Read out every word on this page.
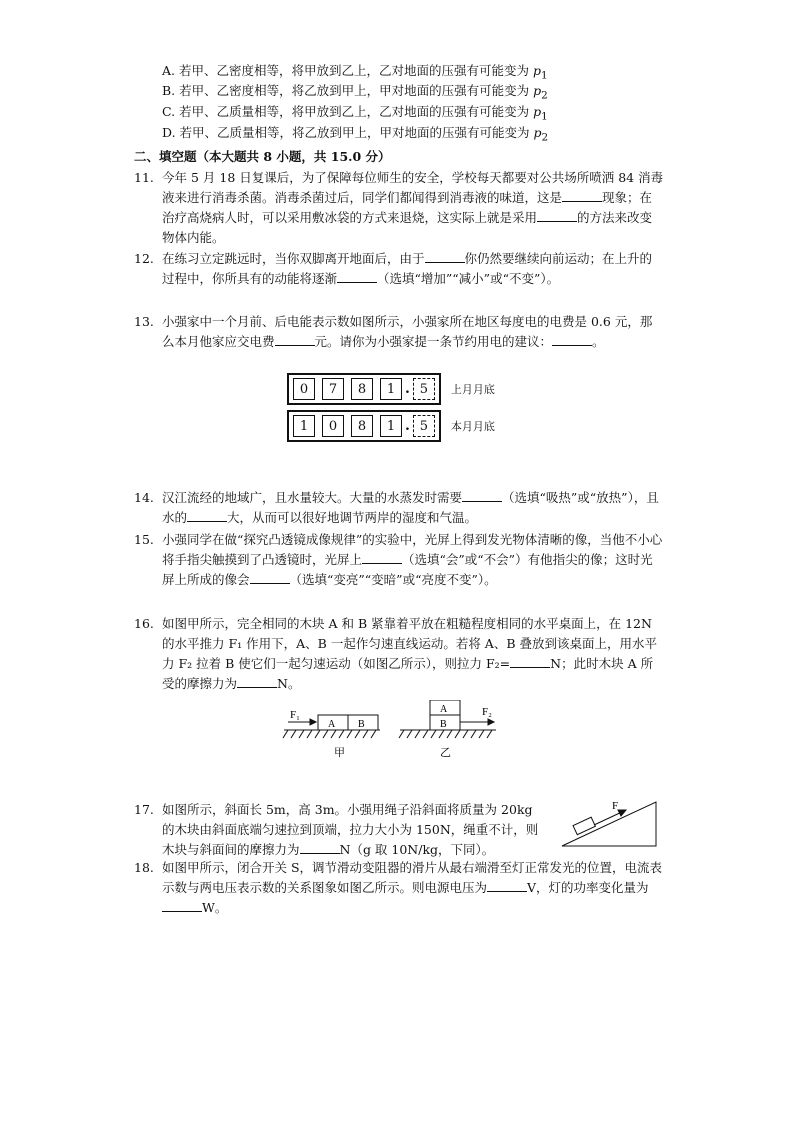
A. 若甲、乙密度相等，将甲放到乙上，乙对地面的压强有可能变为 $p_1$
B. 若甲、乙密度相等，将乙放到甲上，甲对地面的压强有可能变为 $p_2$
C. 若甲、乙质量相等，将甲放到乙上，乙对地面的压强有可能变为 $p_1$
D. 若甲、乙质量相等，将乙放到甲上，甲对地面的压强有可能变为 $p_2$
二、填空题（本大题共 8 小题，共 15.0 分）
11. 今年 5 月 18 日复课后，为了保障每位师生的安全，学校每天都要对公共场所喷洒 84 消毒液来进行消毒杀菌。消毒杀菌过后，同学们都闻得到消毒液的味道，这是	现象；在治疗高烧病人时，可以采用敷冰袋的方式来退烧，这实际上就是采用	的方法来改变物体内能。
12. 在练习立定跳远时，当你双脚离开地面后，由于	你仍然要继续向前运动；在上升的过程中，你所具有的动能将逐渐	（选填“增加”“减小”或“不变”）。
13. 小强家中一个月前、后电能表示数如图所示，小强家所在地区每度电的电费是 0.6 元，那么本月他家应交电费	元。请你为小强家提一条节约用电的建议：	。
0	7	8	1 . 5	上月月底
1	0	8	1 . 5	本月月底
14. 汉江流经的地域广，且水量较大。大量的水蒸发时需要	（选填“吸热”或“放热”），且水的	大，从而可以很好地调节两岸的湿度和气温。
15. 小强同学在做“探究凸透镜成像规律”的实验中，光屏上得到发光物体清晰的像，当他不小心将手指尖触摸到了凸透镜时，光屏上	（选填“会”或“不会”）有他指尖的像；这时光屏上所成的像会	（选填“变亮”“变暗”或“亮度不变”）。
16. 如图甲所示，完全相同的木块 A 和 B 紧靠着平放在粗糙程度相同的水平桌面上，在 12N 的水平推力 F₁ 作用下，A、B 一起作匀速直线运动。若将 A、B 叠放到该桌面上，用水平力 F₂ 拉着 B 使它们一起匀速运动（如图乙所示），则拉力 F₂=	N；此时木块 A 所受的摩擦力为	N。
F₁
A B
A
B
F₂
甲	乙
17. 如图所示，斜面长 5m，高 3m。小强用绳子沿斜面将质量为 20kg 的木块由斜面底端匀速拉到顶端，拉力大小为 150N，绳重不计，则木块与斜面间的摩擦力为	N（g 取 10N/kg，下同）。
F
18. 如图甲所示，闭合开关 S，调节滑动变阻器的滑片从最右端滑至灯正常发光的位置，电流表示数与两电压表示数的关系图象如图乙所示。则电源电压为	V，灯的功率变化量为W。
